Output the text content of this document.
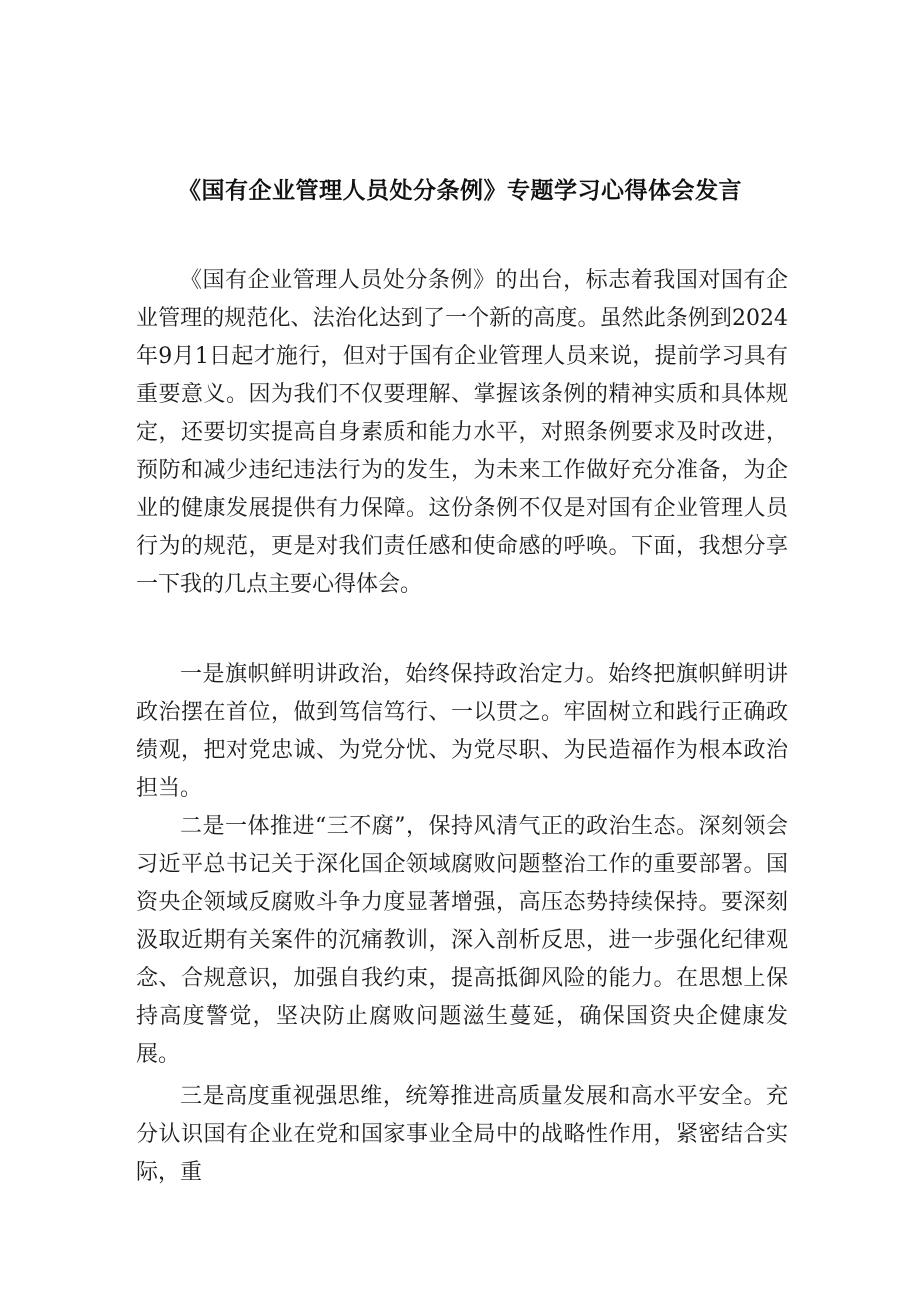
《国有企业管理人员处分条例》专题学习心得体会发言

《国有企业管理人员处分条例》的出台，标志着我国对国有企业管理的规范化、法治化达到了一个新的高度。虽然此条例到2024年9月1日起才施行，但对于国有企业管理人员来说，提前学习具有重要意义。因为我们不仅要理解、掌握该条例的精神实质和具体规定，还要切实提高自身素质和能力水平，对照条例要求及时改进，预防和减少违纪违法行为的发生，为未来工作做好充分准备，为企业的健康发展提供有力保障。这份条例不仅是对国有企业管理人员行为的规范，更是对我们责任感和使命感的呼唤。下面，我想分享一下我的几点主要心得体会。

一是旗帜鲜明讲政治，始终保持政治定力。始终把旗帜鲜明讲政治摆在首位，做到笃信笃行、一以贯之。牢固树立和践行正确政绩观，把对党忠诚、为党分忧、为党尽职、为民造福作为根本政治担当。

二是一体推进“三不腐”，保持风清气正的政治生态。深刻领会习近平总书记关于深化国企领域腐败问题整治工作的重要部署。国资央企领域反腐败斗争力度显著增强，高压态势持续保持。要深刻汲取近期有关案件的沉痛教训，深入剖析反思，进一步强化纪律观念、合规意识，加强自我约束，提高抵御风险的能力。在思想上保持高度警觉，坚决防止腐败问题滋生蔓延，确保国资央企健康发展。

三是高度重视强思维，统筹推进高质量发展和高水平安全。充分认识国有企业在党和国家事业全局中的战略性作用，紧密结合实际，重
